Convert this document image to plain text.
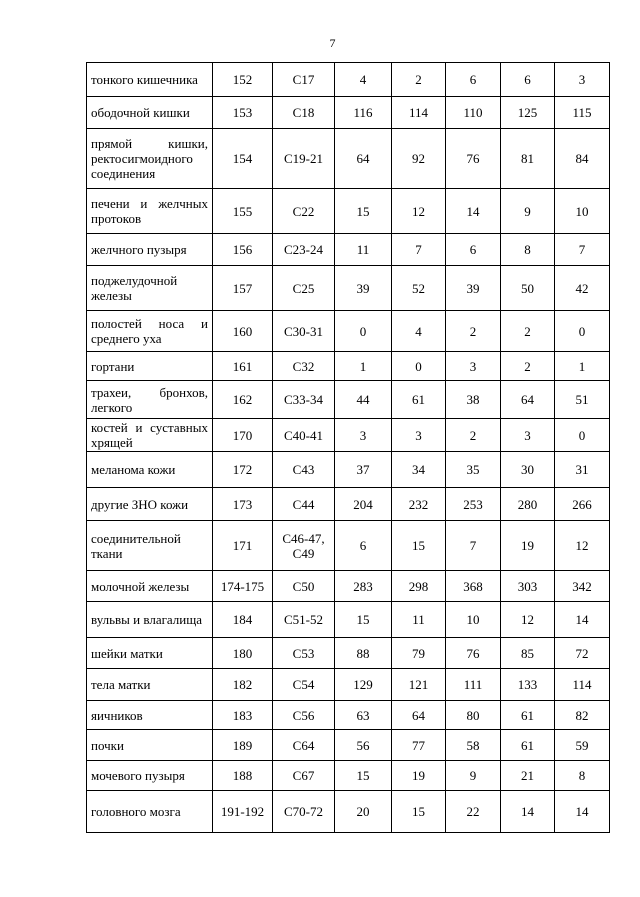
7
тонкого кишечника	152	С17	4	2	6	6	3
ободочной кишки	153	С18	116	114	110	125	115
прямой кишки, ректосигмоидного соединения	154	С19-21	64	92	76	81	84
печени и желчных протоков	155	С22	15	12	14	9	10
желчного пузыря	156	С23-24	11	7	6	8	7
поджелудочной железы	157	С25	39	52	39	50	42
полостей носа и среднего уха	160	С30-31	0	4	2	2	0
гортани	161	С32	1	0	3	2	1
трахеи, бронхов, легкого	162	С33-34	44	61	38	64	51
костей и суставных хрящей	170	С40-41	3	3	2	3	0
меланома кожи	172	С43	37	34	35	30	31
другие ЗНО кожи	173	С44	204	232	253	280	266
соединительной ткани	171	С46-47, С49	6	15	7	19	12
молочной железы	174-175	С50	283	298	368	303	342
вульвы и влагалища	184	С51-52	15	11	10	12	14
шейки матки	180	С53	88	79	76	85	72
тела матки	182	С54	129	121	111	133	114
яичников	183	С56	63	64	80	61	82
почки	189	С64	56	77	58	61	59
мочевого пузыря	188	С67	15	19	9	21	8
головного мозга	191-192	С70-72	20	15	22	14	14
